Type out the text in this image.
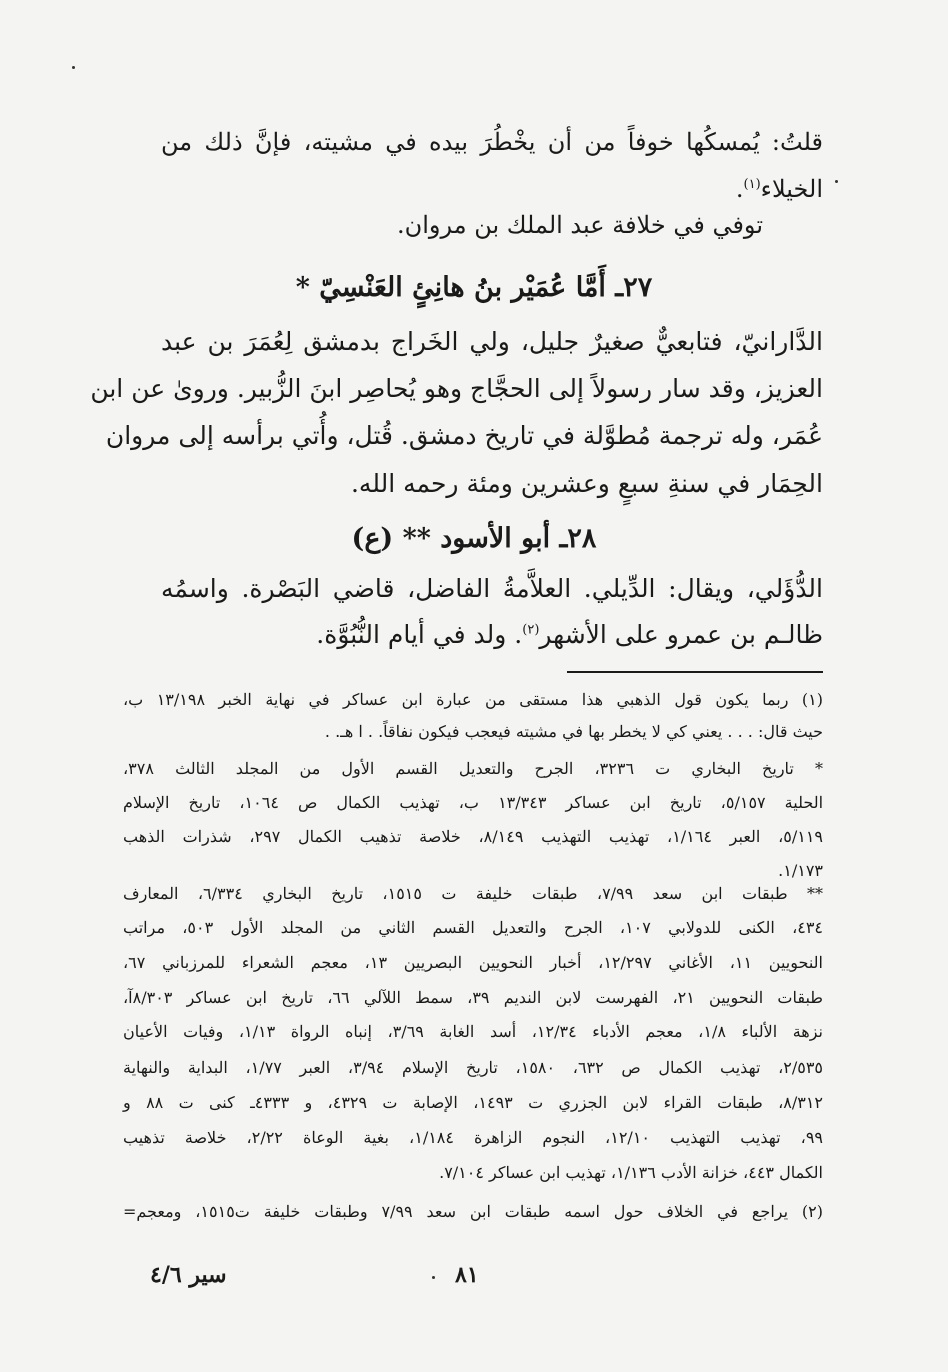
قلتُ: يُمسكُها خوفاً من أن يخْطُرَ بيده في مشيته، فإنَّ ذلك من
الخيلاء$^{(١)}$.
توفي في خلافة عبد الملك بن مروان.
٢٧ـ أَمَّا عُمَيْر بنُ هانِئٍ العَنْسِيّ *
الدَّارانيّ، فتابعيٌّ صغيرٌ جليل، ولي الخَراج بدمشق لِعُمَرَ بن عبد
العزيز، وقد سار رسولاً إلى الحجَّاج وهو يُحاصِر ابنَ الزُّبير. وروىٰ عن ابن
عُمَر، وله ترجمة مُطوَّلة في تاريخ دمشق. قُتل، وأُتي برأسه إلى مروان
الحِمَار في سنةِ سبعٍ وعشرين ومئة رحمه الله.
٢٨ـ أبو الأسود ** (ع)
الدُّؤَلي، ويقال: الدِّيلي. العلاَّمةُ الفاضل، قاضي البَصْرة. واسمُه
ظالـم بن عمرو على الأشهر$^{(٢)}$. ولد في أيام النُّبُوَّة.
(١) ربما يكون قول الذهبي هذا مستقى من عبارة ابن عساكر في نهاية الخبر ١٣/١٩٨ ب،
حيث قال: . . . يعني كي لا يخطر بها في مشيته فيعجب فيكون نفاقاً. . ا هـ. .
* تاريخ البخاري ت ٣٢٣٦، الجرح والتعديل القسم الأول من المجلد الثالث ٣٧٨،
الحلية ٥/١٥٧، تاريخ ابن عساكر ١٣/٣٤٣ ب، تهذيب الكمال ص ١٠٦٤، تاريخ الإسلام
٥/١١٩، العبر ١/١٦٤، تهذيب التهذيب ٨/١٤٩، خلاصة تذهيب الكمال ٢٩٧، شذرات الذهب
١/١٧٣.
** طبقات ابن سعد ٧/٩٩، طبقات خليفة ت ١٥١٥، تاريخ البخاري ٦/٣٣٤، المعارف
٤٣٤، الكنى للدولابي ١٠٧، الجرح والتعديل القسم الثاني من المجلد الأول ٥٠٣، مراتب
النحويين ١١، الأغاني ١٢/٢٩٧، أخبار النحويين البصريين ١٣، معجم الشعراء للمرزباني ٦٧،
طبقات النحويين ٢١، الفهرست لابن النديم ٣٩، سمط اللآلي ٦٦، تاريخ ابن عساكر ٨/٣٠٣آ،
نزهة الألباء ١/٨، معجم الأدباء ١٢/٣٤، أسد الغابة ٣/٦٩، إنباه الرواة ١/١٣، وفيات الأعيان
٢/٥٣٥، تهذيب الكمال ص ٦٣٢، ١٥٨٠، تاريخ الإسلام ٣/٩٤، العبر ١/٧٧، البداية والنهاية
٨/٣١٢، طبقات القراء لابن الجزري ت ١٤٩٣، الإصابة ت ٤٣٢٩، و ٤٣٣٣ـ كنى ت ٨٨ و
٩٩، تهذيب التهذيب ١٢/١٠، النجوم الزاهرة ١/١٨٤، بغية الوعاة ٢/٢٢، خلاصة تذهيب
الكمال ٤٤٣، خزانة الأدب ١/١٣٦، تهذيب ابن عساكر ٧/١٠٤.
(٢) يراجع في الخلاف حول اسمه طبقات ابن سعد ٧/٩٩ وطبقات خليفة ت١٥١٥، ومعجم=
٨١
سير ٤/٦
